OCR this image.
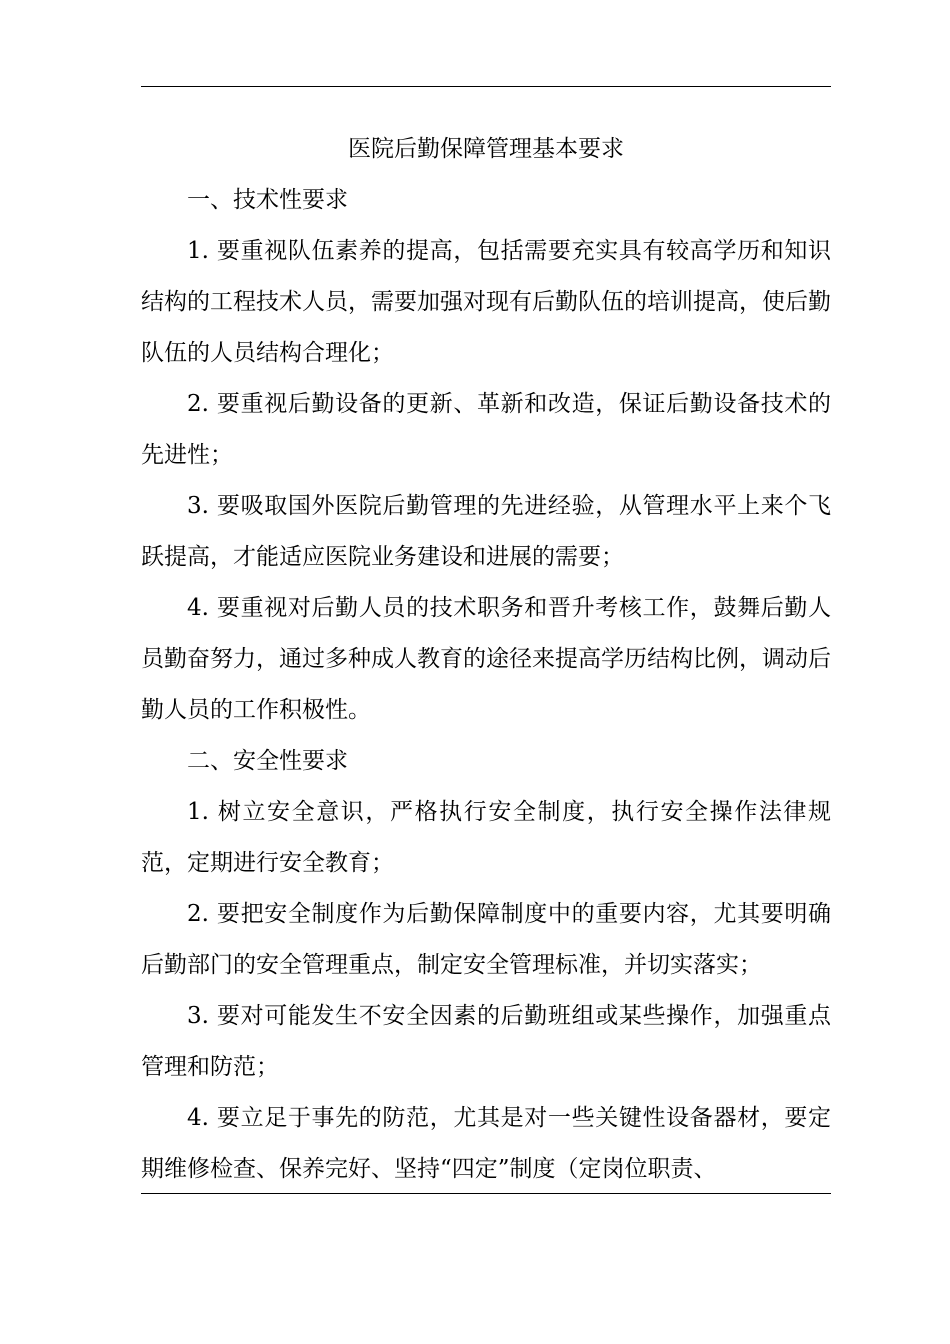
医院后勤保障管理基本要求

一、技术性要求

1. 要重视队伍素养的提高，包括需要充实具有较高学历和知识结构的工程技术人员，需要加强对现有后勤队伍的培训提高，使后勤队伍的人员结构合理化；

2. 要重视后勤设备的更新、革新和改造，保证后勤设备技术的先进性；

3. 要吸取国外医院后勤管理的先进经验，从管理水平上来个飞跃提高，才能适应医院业务建设和进展的需要；

4. 要重视对后勤人员的技术职务和晋升考核工作，鼓舞后勤人员勤奋努力，通过多种成人教育的途径来提高学历结构比例，调动后勤人员的工作积极性。

二、安全性要求

1. 树立安全意识，严格执行安全制度，执行安全操作法律规范，定期进行安全教育；

2. 要把安全制度作为后勤保障制度中的重要内容，尤其要明确后勤部门的安全管理重点，制定安全管理标准，并切实落实；

3. 要对可能发生不安全因素的后勤班组或某些操作，加强重点管理和防范；

4. 要立足于事先的防范，尤其是对一些关键性设备器材，要定期维修检查、保养完好、坚持“四定”制度（定岗位职责、
